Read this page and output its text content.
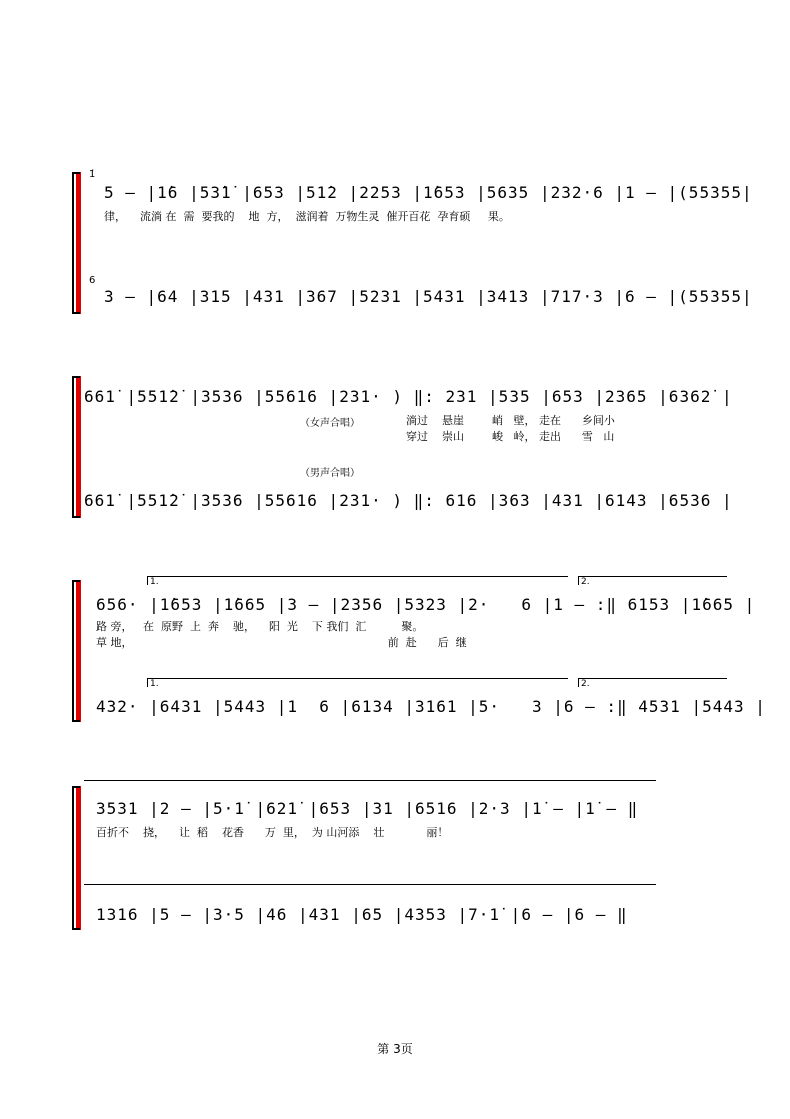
1̇
6
5 – |1̇6 |53̇1̇ |653 |51̇2 |2253 |1̇653 |5635 |232·6 |1 – |(55355|
律，    流淌 在  需  要我的    地  方，  滋润着  万物生灵  催开百花  孕育硕     果。
3 – |64 |315 |431 |367 |5231 |5431 |3413 |717·3 |6 – |(55355|
661̇ |551̇2̇ |3536 |55616 |231· ) ‖: 231 |535 |653 |2365 |6362̇ |
（女声合唱）	淌过    悬崖        峭   壁， 走在      乡间小
穿过    崇山        峻   岭， 走出      雪   山
（男声合唱）
661̇ |551̇2̇ |3536 |55616 |231· ) ‖: 616 |363 |431 |6143 |6536 |
1.	2.
656· |1̇653 |1̇665 |3 – |2356 |5323 |2·   6 |1 – :‖ 6153 |1̇665 |
路 旁，   在  原野  上  奔    驰，    阳  光    下 我们  汇          聚。
草 地，                                                                         前  赴      后  继
1.	2.
432· |6431 |5443 |1  6 |6134 |3161 |5·   3 |6 – :‖ 4531 |5443 |
3531 |2 – |5·1̇ |621̇ |653 |31 |6516 |2·3 |1̇ – |1̇ – ‖
百折不    挠，    让  稻    花香      万  里，  为 山河添    壮            丽！
1316 |5 – |3·5 |46 |431 |65 |4353 |7·1̇ |6 – |6 – ‖
第 3页
